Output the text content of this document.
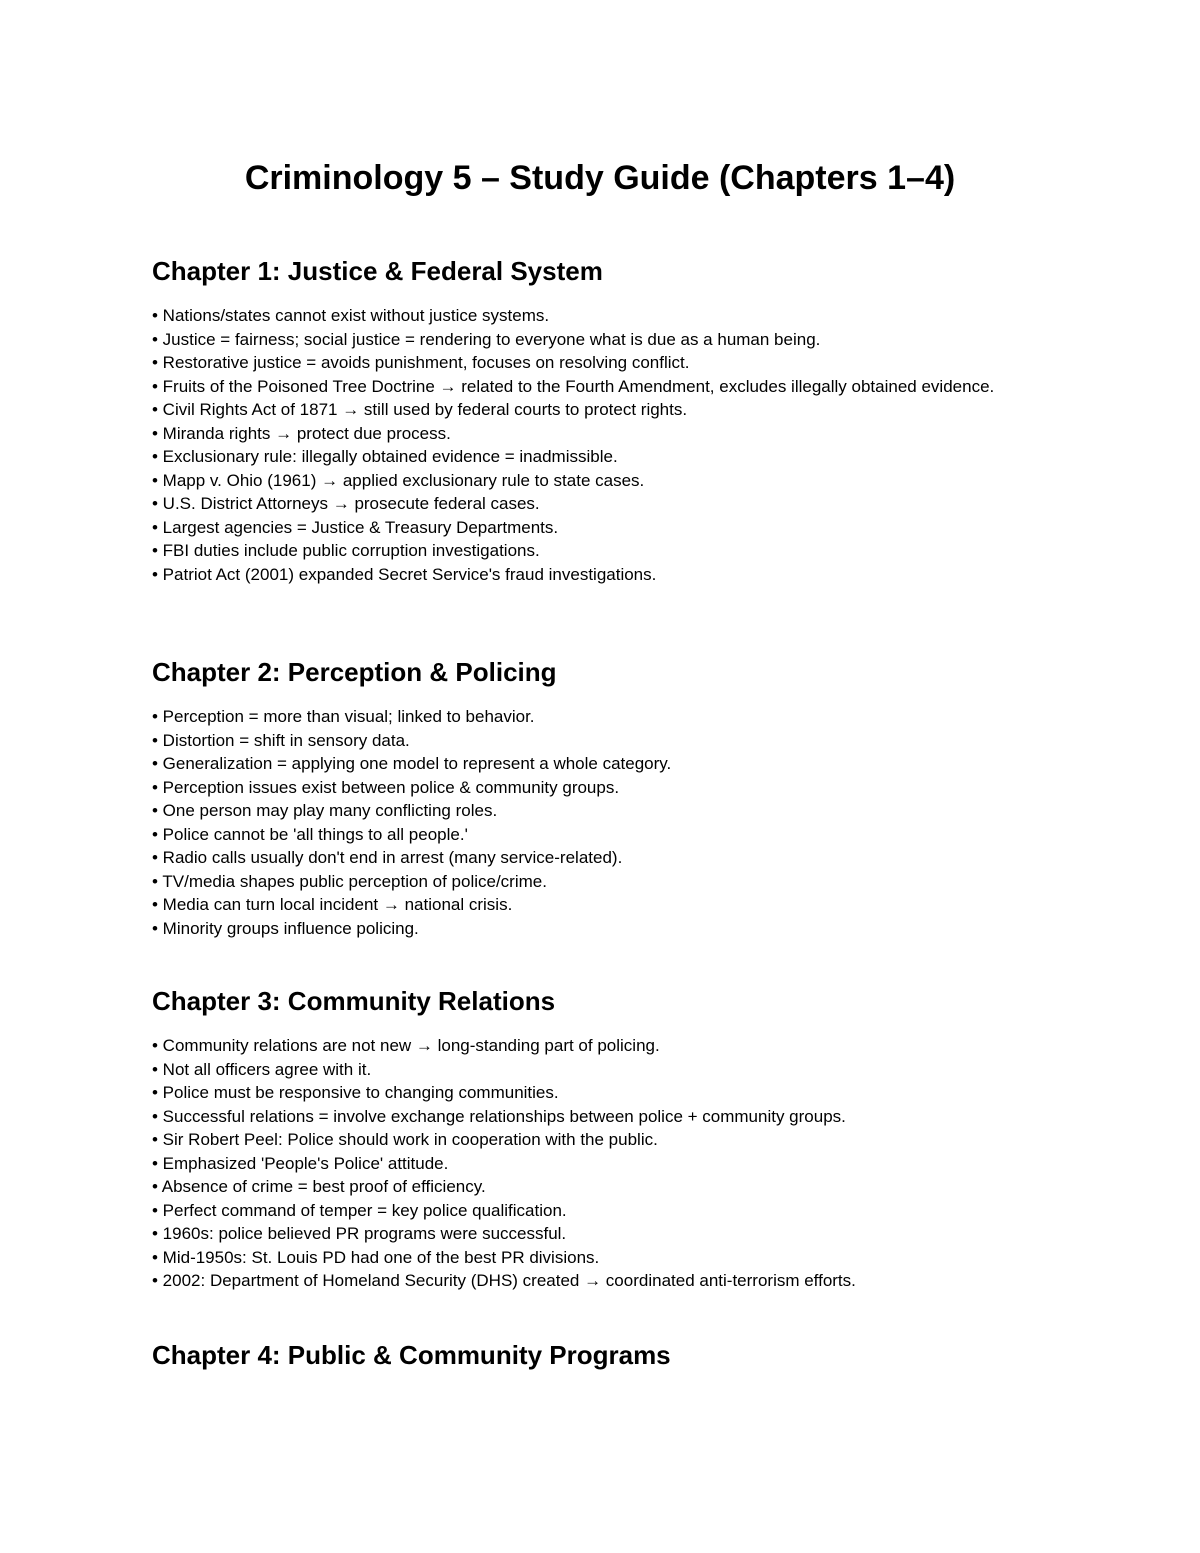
Criminology 5 – Study Guide (Chapters 1–4)
Chapter 1: Justice & Federal System
• Nations/states cannot exist without justice systems.
• Justice = fairness; social justice = rendering to everyone what is due as a human being.
• Restorative justice = avoids punishment, focuses on resolving conflict.
• Fruits of the Poisoned Tree Doctrine → related to the Fourth Amendment, excludes illegally obtained evidence.
• Civil Rights Act of 1871 → still used by federal courts to protect rights.
• Miranda rights → protect due process.
• Exclusionary rule: illegally obtained evidence = inadmissible.
• Mapp v. Ohio (1961) → applied exclusionary rule to state cases.
• U.S. District Attorneys → prosecute federal cases.
• Largest agencies = Justice & Treasury Departments.
• FBI duties include public corruption investigations.
• Patriot Act (2001) expanded Secret Service's fraud investigations.
Chapter 2: Perception & Policing
• Perception = more than visual; linked to behavior.
• Distortion = shift in sensory data.
• Generalization = applying one model to represent a whole category.
• Perception issues exist between police & community groups.
• One person may play many conflicting roles.
• Police cannot be 'all things to all people.'
• Radio calls usually don't end in arrest (many service-related).
• TV/media shapes public perception of police/crime.
• Media can turn local incident → national crisis.
• Minority groups influence policing.
Chapter 3: Community Relations
• Community relations are not new → long-standing part of policing.
• Not all officers agree with it.
• Police must be responsive to changing communities.
• Successful relations = involve exchange relationships between police + community groups.
• Sir Robert Peel: Police should work in cooperation with the public.
• Emphasized 'People's Police' attitude.
• Absence of crime = best proof of efficiency.
• Perfect command of temper = key police qualification.
• 1960s: police believed PR programs were successful.
• Mid-1950s: St. Louis PD had one of the best PR divisions.
• 2002: Department of Homeland Security (DHS) created → coordinated anti-terrorism efforts.
Chapter 4: Public & Community Programs
